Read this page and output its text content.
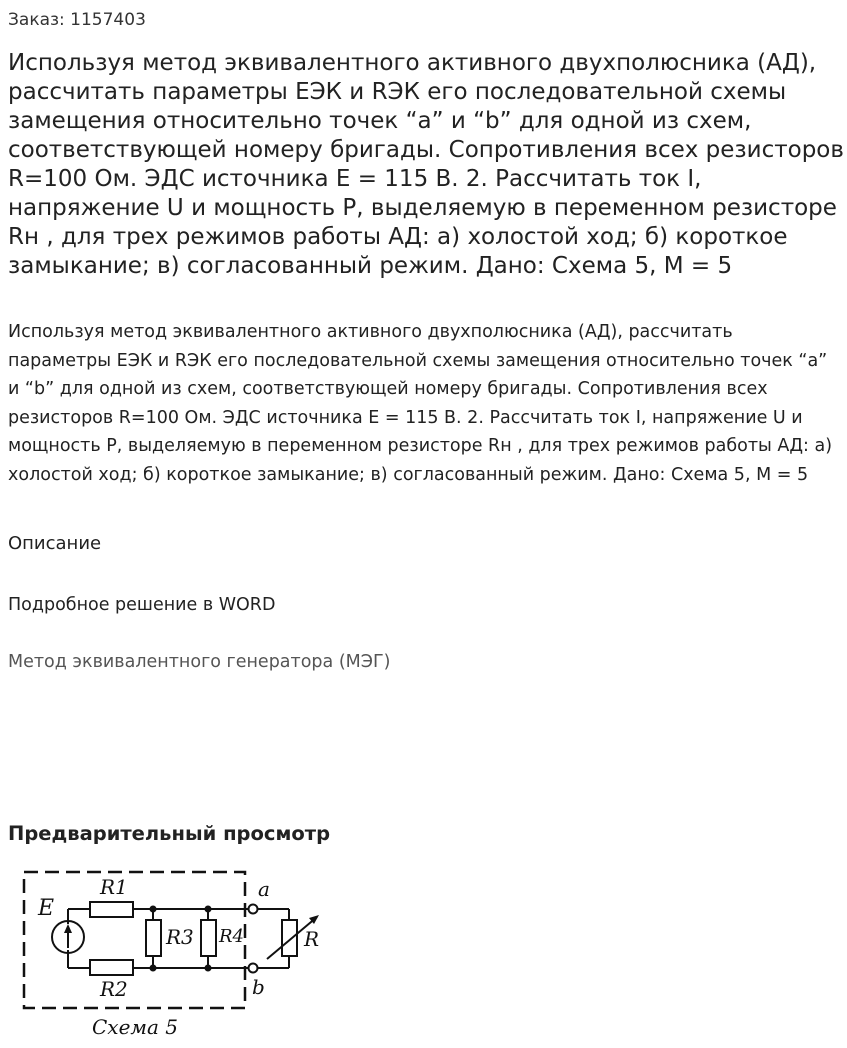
Заказ: 1157403
Используя метод эквивалентного активного двухполюсника (АД), рассчитать параметры ЕЭК и RЭК его последовательной схемы замещения относительно точек “a” и “b” для одной из схем, соответствующей номеру бригады. Сопротивления всех резисторов R=100 Ом. ЭДС источника E = 115 В. 2. Рассчитать ток I, напряжение U и мощность P, выделяемую в переменном резисторе Rн , для трех режимов работы АД: а) холостой ход; б) короткое замыкание; в) согласованный режим. Дано: Схема 5, M = 5

Используя метод эквивалентного активного двухполюсника (АД), рассчитать параметры ЕЭК и RЭК его последовательной схемы замещения относительно точек “a” и “b” для одной из схем, соответствующей номеру бригады. Сопротивления всех резисторов R=100 Ом. ЭДС источника E = 115 В. 2. Рассчитать ток I, напряжение U и мощность P, выделяемую в переменном резисторе Rн , для трех режимов работы АД: а) холостой ход; б) короткое замыкание; в) согласованный режим. Дано: Схема 5, M = 5

Описание
Подробное решение в WORD
Метод эквивалентного генератора (МЭГ)
Предварительный просмотр
E
R1
R2
R3 R4	R
a
b
Схема 5
